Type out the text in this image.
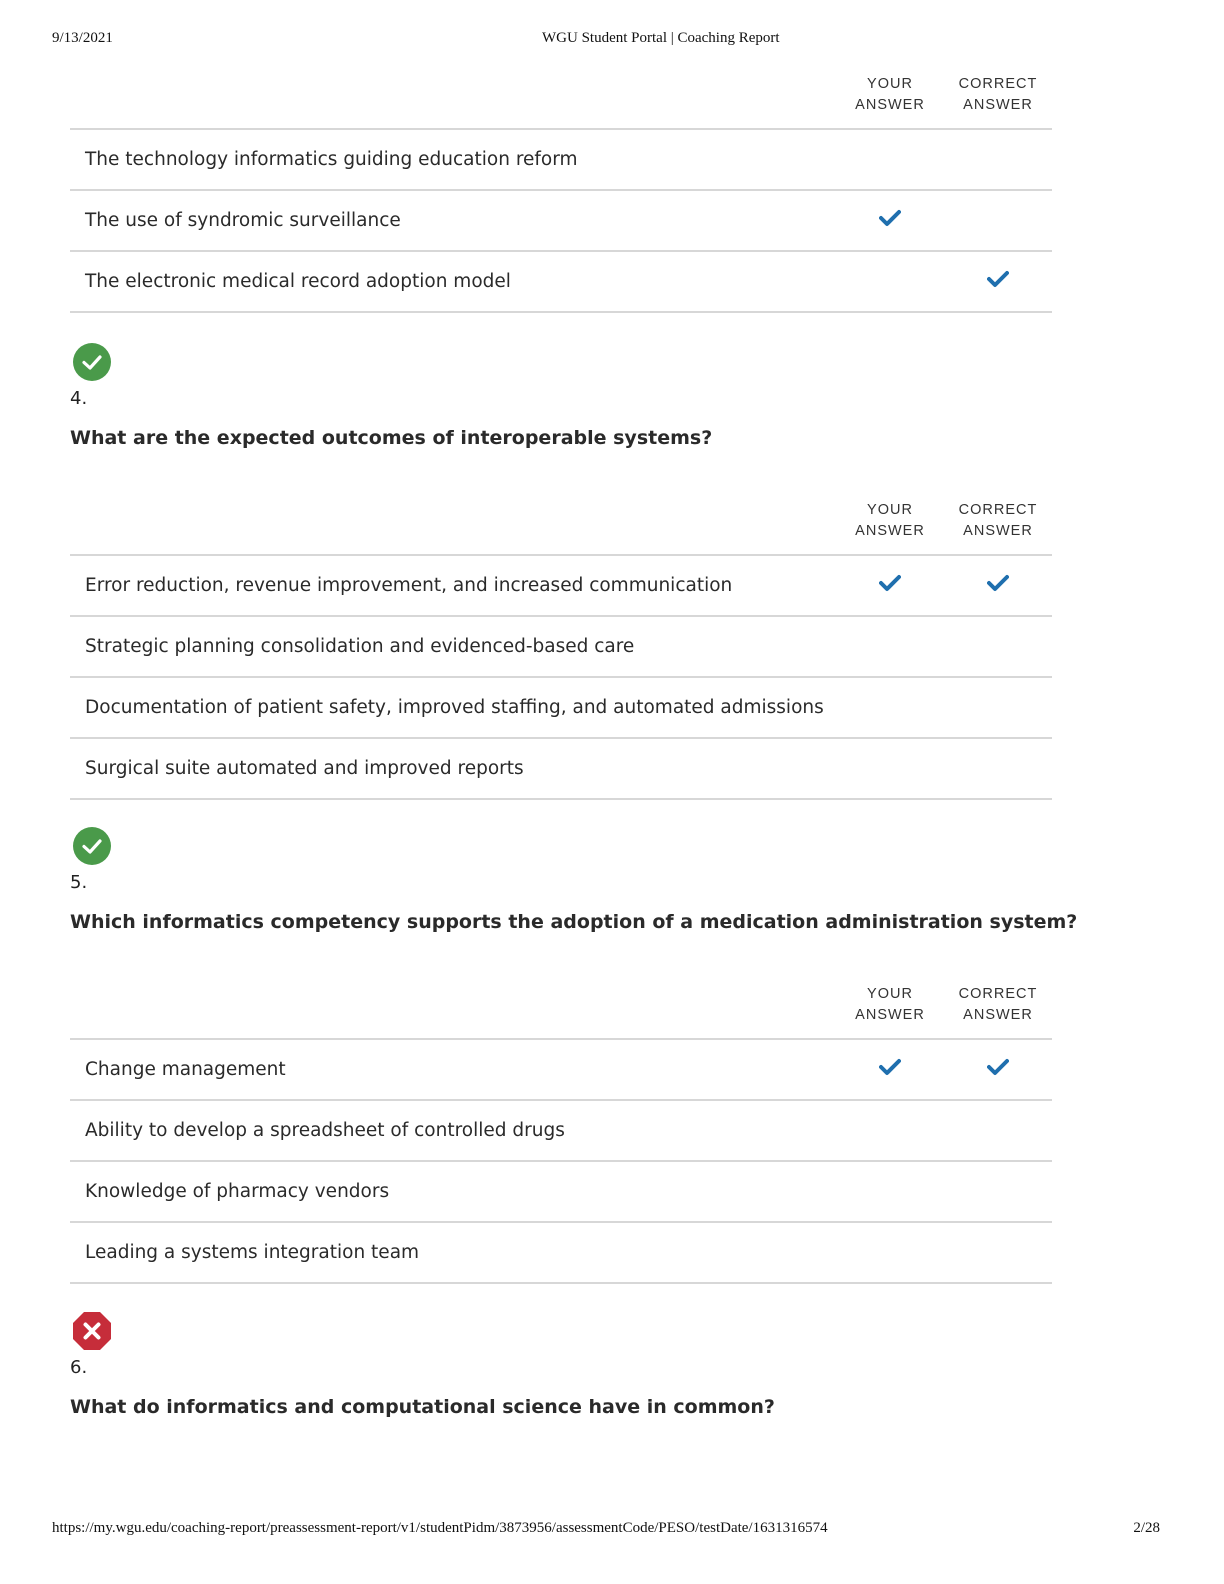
9/13/2021	WGU Student Portal | Coaching Report
YOUR
ANSWER
CORRECT
ANSWER
The technology informatics guiding education reform
The use of syndromic surveillance
The electronic medical record adoption model
4.
What are the expected outcomes of interoperable systems?
YOUR
ANSWER
CORRECT
ANSWER
Error reduction, revenue improvement, and increased communication
Strategic planning consolidation and evidenced-based care
Documentation of patient safety, improved staffing, and automated admissions
Surgical suite automated and improved reports
5.
Which informatics competency supports the adoption of a medication administration system?
YOUR
ANSWER
CORRECT
ANSWER
Change management
Ability to develop a spreadsheet of controlled drugs
Knowledge of pharmacy vendors
Leading a systems integration team
6.
What do informatics and computational science have in common?
https://my.wgu.edu/coaching-report/preassessment-report/v1/studentPidm/3873956/assessmentCode/PESO/testDate/1631316574	2/28
